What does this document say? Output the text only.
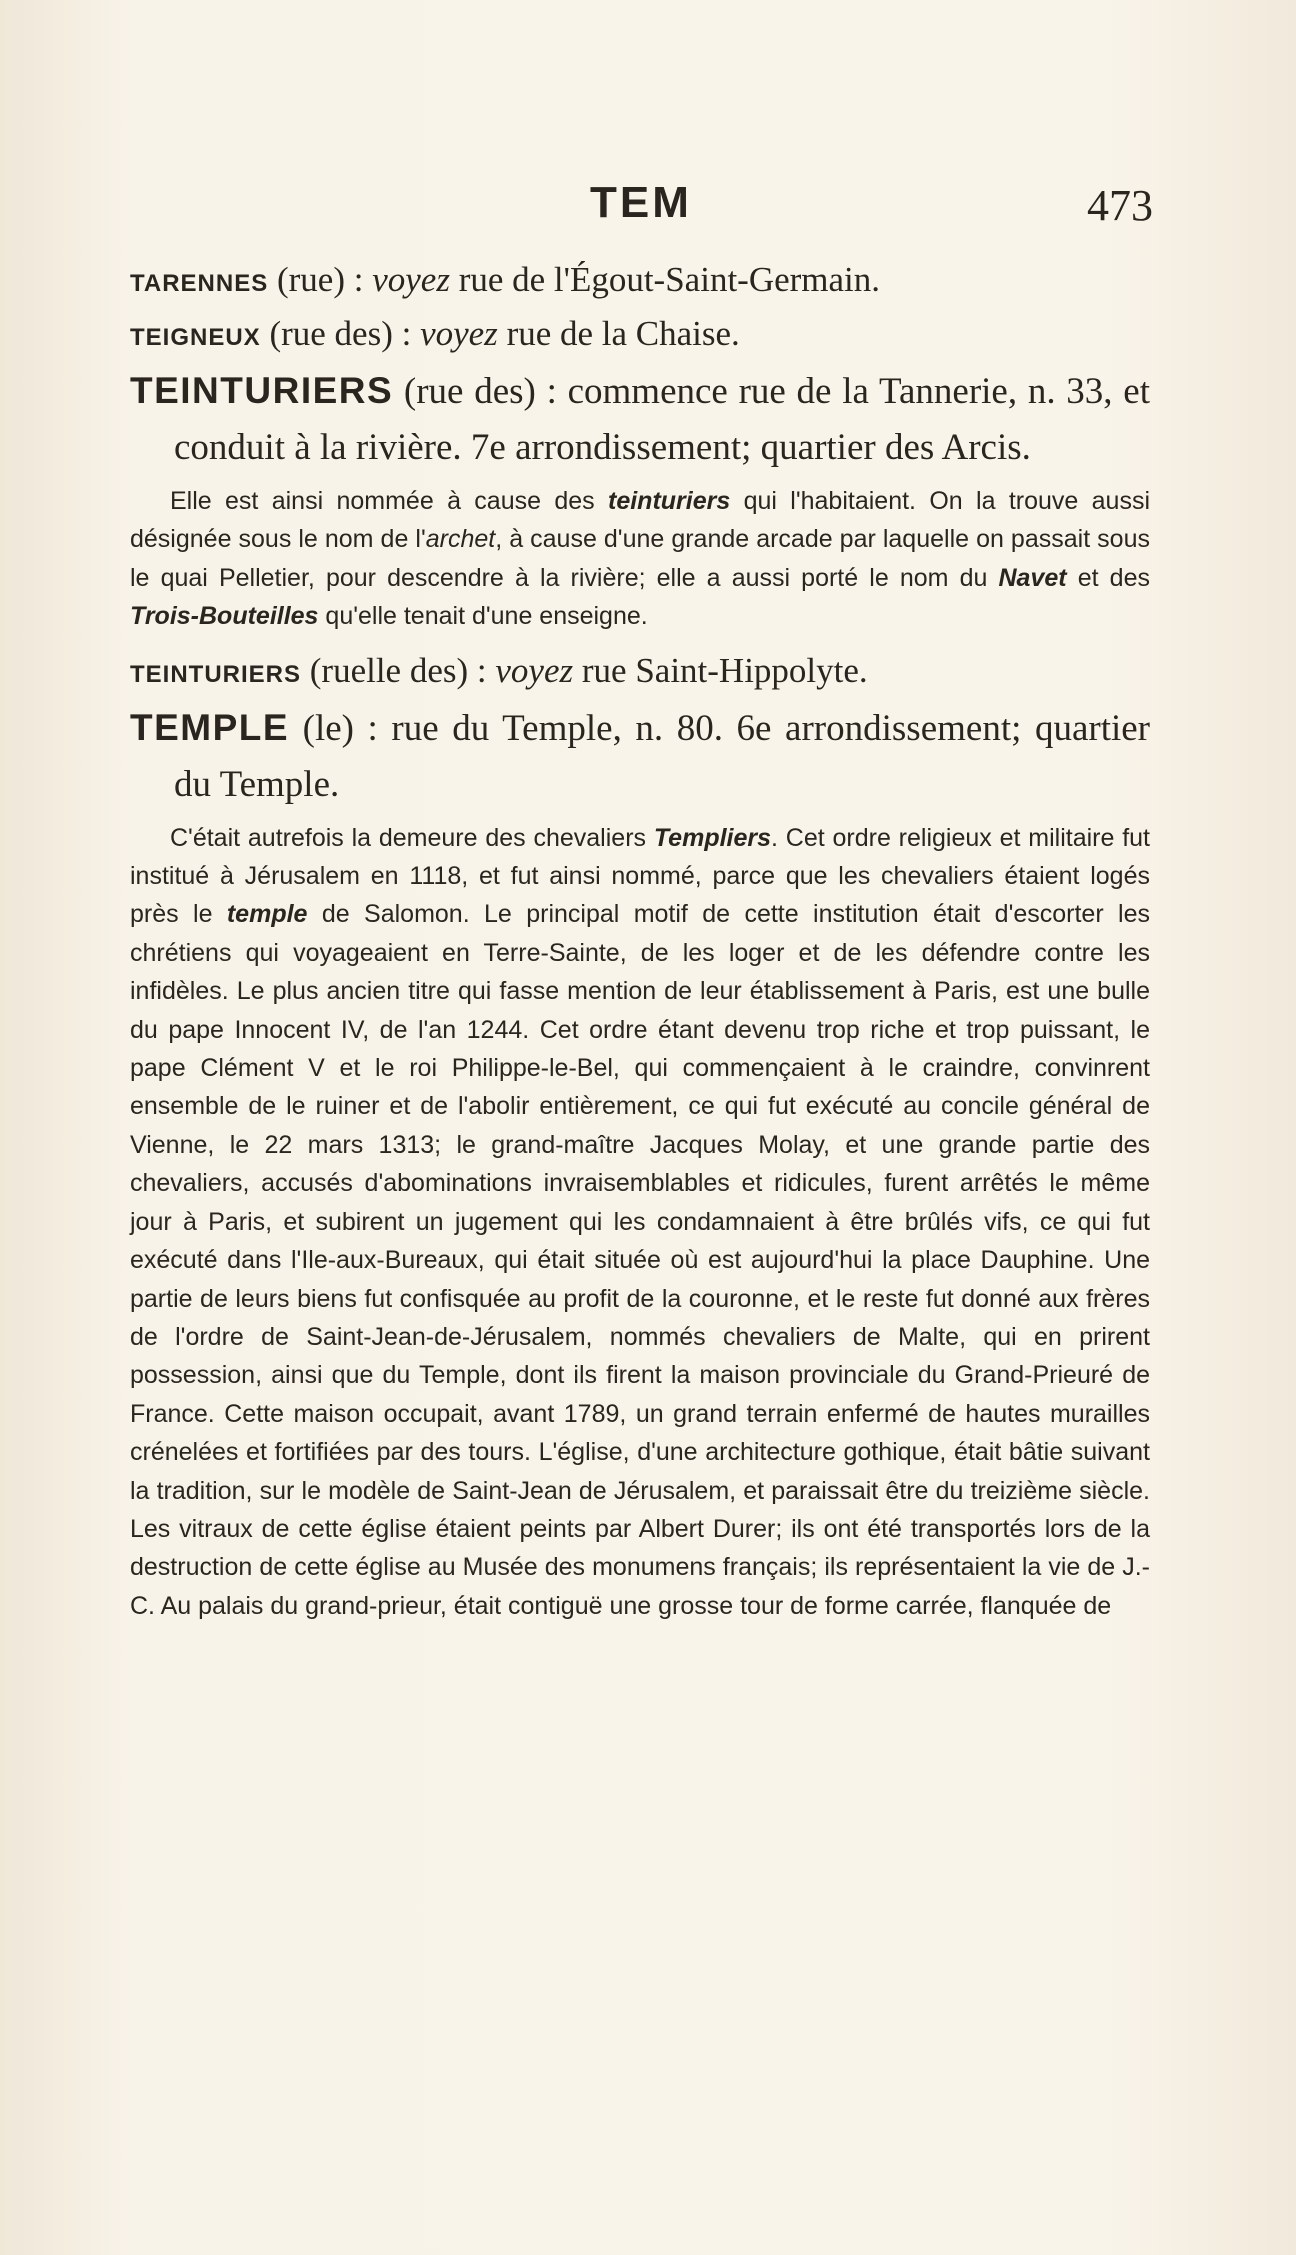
TEM	473
TARENNES (rue) : voyez rue de l'Égout-Saint-Germain.
TEIGNEUX (rue des) : voyez rue de la Chaise.
TEINTURIERS (rue des) : commence rue de la Tannerie, n. 33, et conduit à la rivière. 7e arrondissement; quartier des Arcis.
Elle est ainsi nommée à cause des teinturiers qui l'habitaient. On la trouve aussi désignée sous le nom de l'archet, à cause d'une grande arcade par laquelle on passait sous le quai Pelletier, pour descendre à la rivière; elle a aussi porté le nom du Navet et des Trois-Bouteilles qu'elle tenait d'une enseigne.
TEINTURIERS (ruelle des) : voyez rue Saint-Hippolyte.
TEMPLE (le) : rue du Temple, n. 80. 6e arrondissement; quartier du Temple.
C'était autrefois la demeure des chevaliers Templiers. Cet ordre religieux et militaire fut institué à Jérusalem en 1118, et fut ainsi nommé, parce que les chevaliers étaient logés près le temple de Salomon. Le principal motif de cette institution était d'escorter les chrétiens qui voyageaient en Terre-Sainte, de les loger et de les défendre contre les infidèles. Le plus ancien titre qui fasse mention de leur établissement à Paris, est une bulle du pape Innocent IV, de l'an 1244. Cet ordre étant devenu trop riche et trop puissant, le pape Clément V et le roi Philippe-le-Bel, qui commençaient à le craindre, convinrent ensemble de le ruiner et de l'abolir entièrement, ce qui fut exécuté au concile général de Vienne, le 22 mars 1313; le grand-maître Jacques Molay, et une grande partie des chevaliers, accusés d'abominations invraisemblables et ridicules, furent arrêtés le même jour à Paris, et subirent un jugement qui les condamnaient à être brûlés vifs, ce qui fut exécuté dans l'Ile-aux-Bureaux, qui était située où est aujourd'hui la place Dauphine. Une partie de leurs biens fut confisquée au profit de la couronne, et le reste fut donné aux frères de l'ordre de Saint-Jean-de-Jérusalem, nommés chevaliers de Malte, qui en prirent possession, ainsi que du Temple, dont ils firent la maison provinciale du Grand-Prieuré de France. Cette maison occupait, avant 1789, un grand terrain enfermé de hautes murailles crénelées et fortifiées par des tours. L'église, d'une architecture gothique, était bâtie suivant la tradition, sur le modèle de Saint-Jean de Jérusalem, et paraissait être du treizième siècle. Les vitraux de cette église étaient peints par Albert Durer; ils ont été transportés lors de la destruction de cette église au Musée des monumens français; ils représentaient la vie de J.-C. Au palais du grand-prieur, était contiguë une grosse tour de forme carrée, flanquée de
